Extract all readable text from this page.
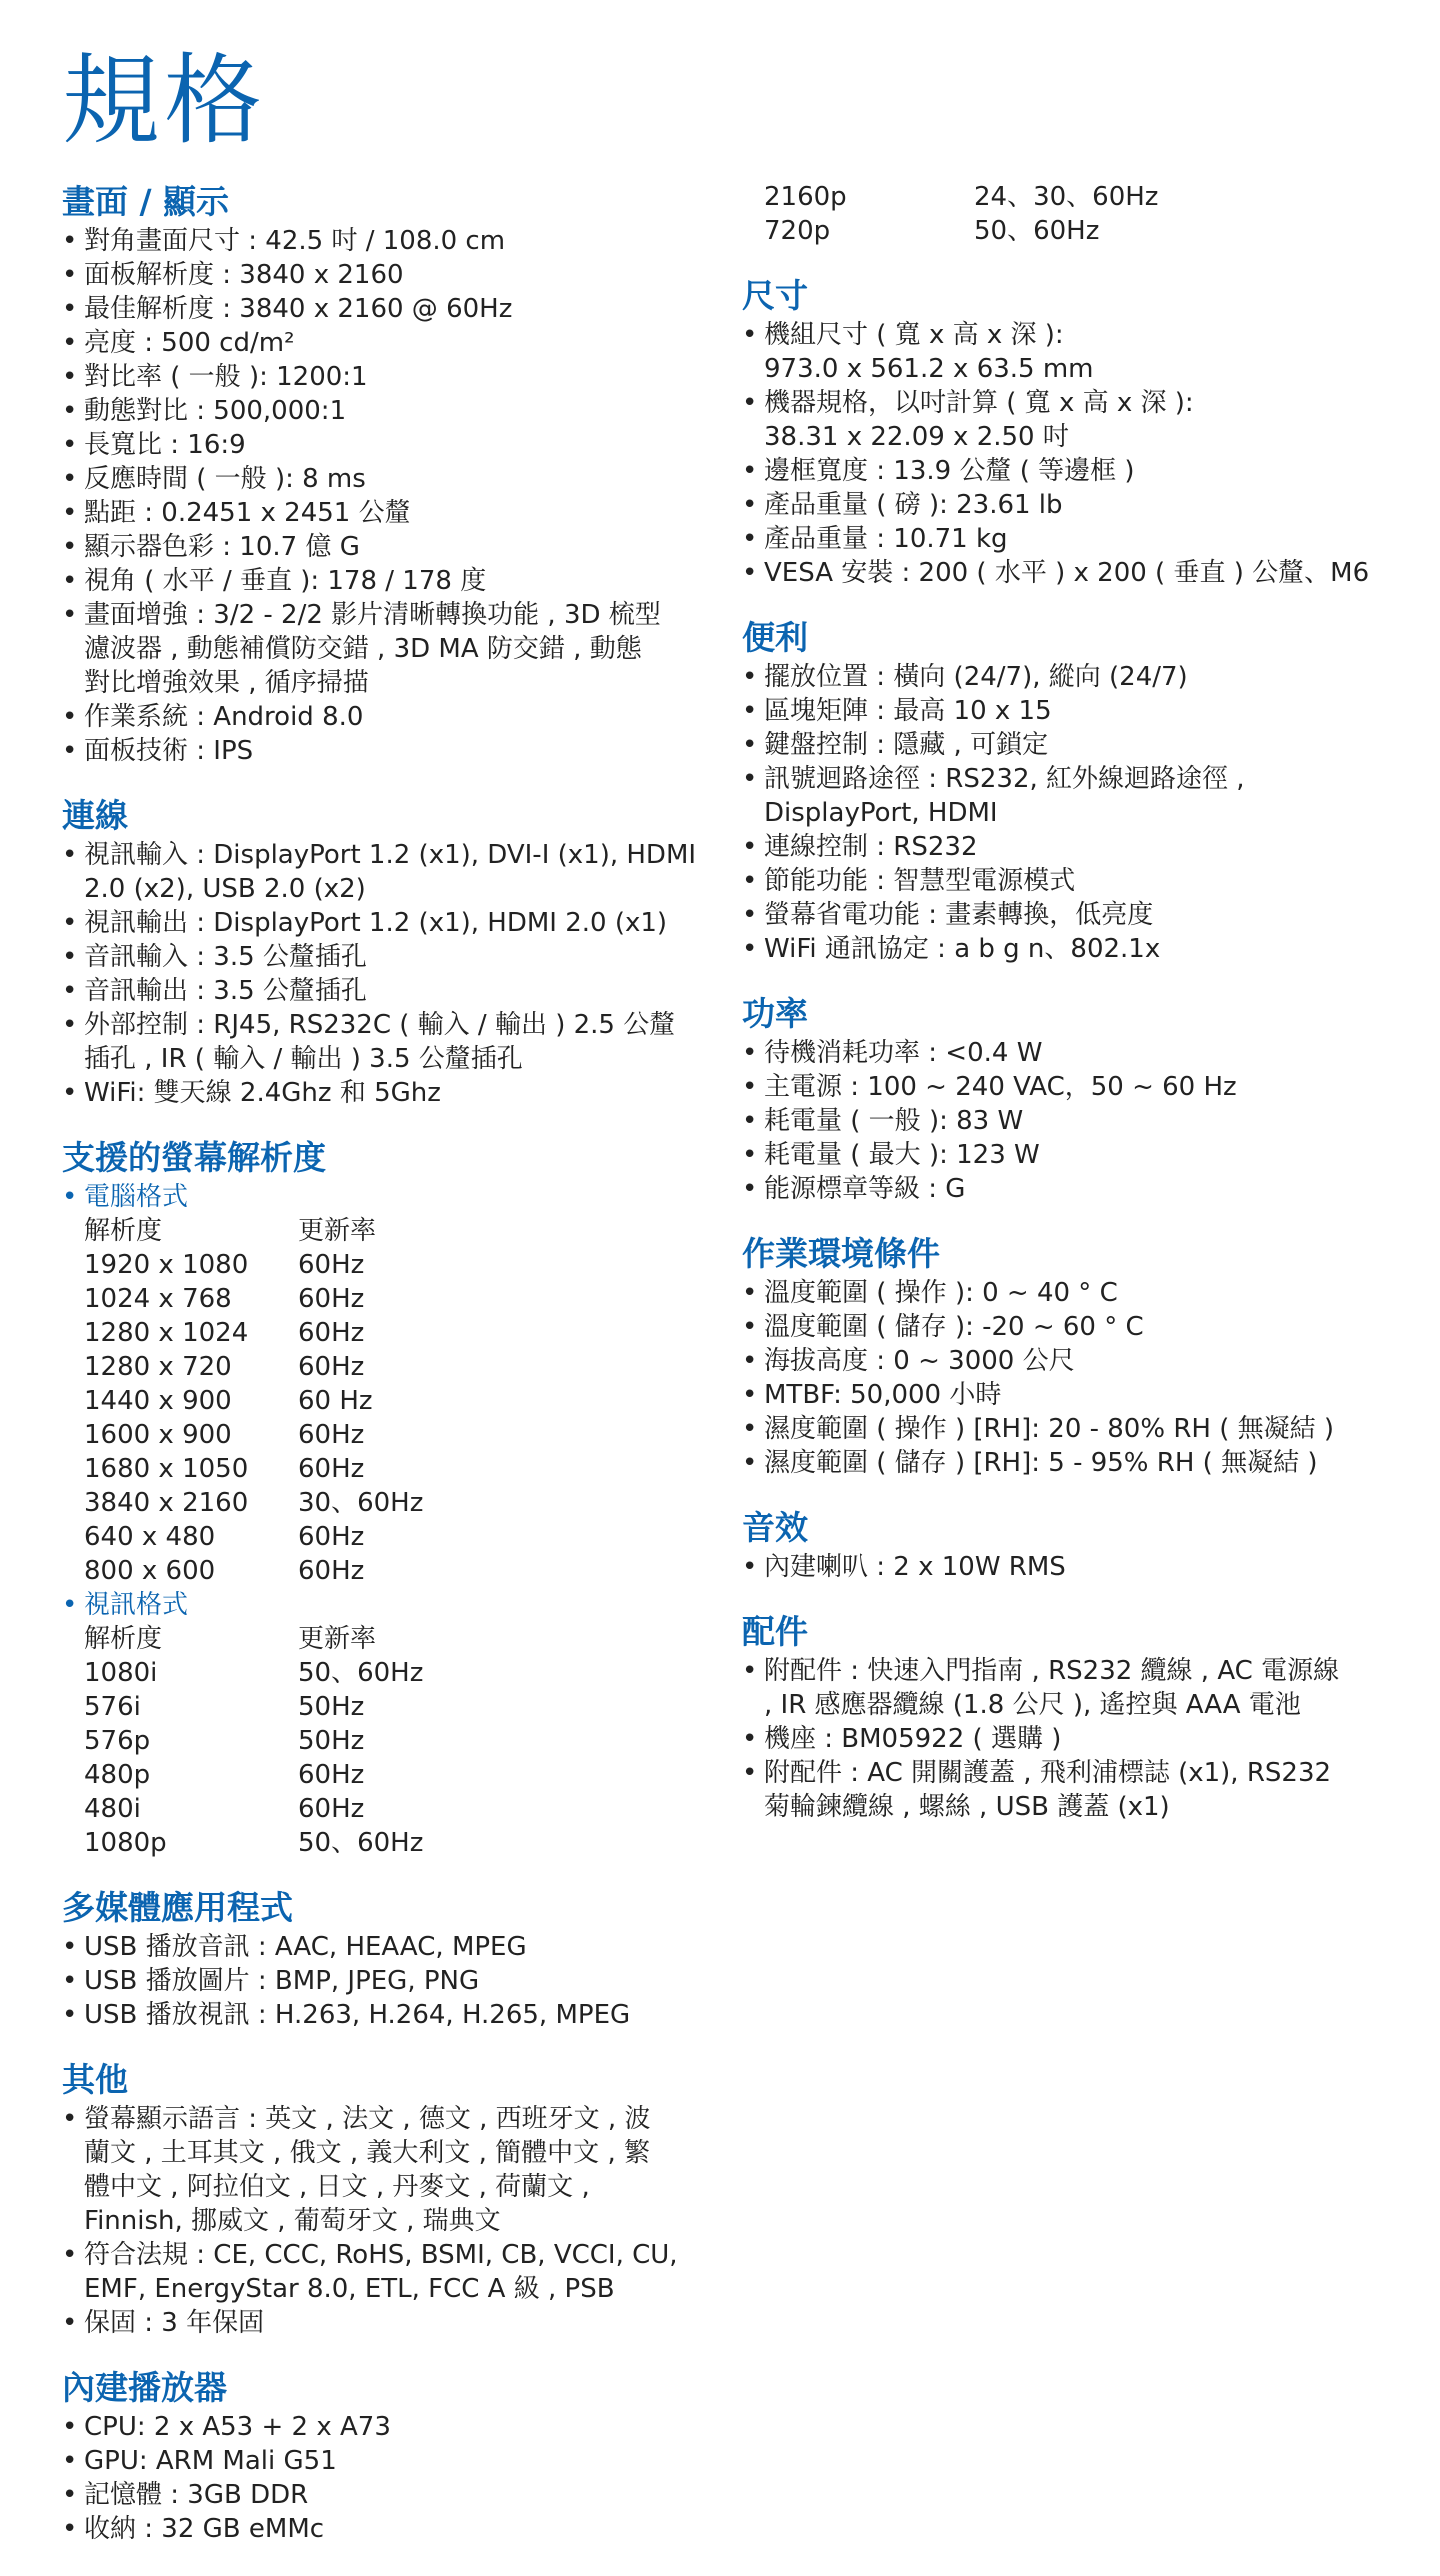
規格
畫面 / 顯示
• 對角畫面尺寸 : 42.5 吋 / 108.0 cm
• 面板解析度 : 3840 x 2160
• 最佳解析度 : 3840 x 2160 @ 60Hz
• 亮度 : 500 cd/m²
• 對比率 ( 一般 ): 1200:1
• 動態對比 : 500,000:1
• 長寬比 : 16:9
• 反應時間 ( 一般 ): 8 ms
• 點距 : 0.2451 x 2451 公釐
• 顯示器色彩 : 10.7 億 G
• 視角 ( 水平 / 垂直 ): 178 / 178 度
• 畫面增強 : 3/2 - 2/2 影片清晰轉換功能 , 3D 梳型
濾波器 , 動態補償防交錯 , 3D MA 防交錯 , 動態
對比增強效果 , 循序掃描
• 作業系統 : Android 8.0
• 面板技術 : IPS
連線
• 視訊輸入 : DisplayPort 1.2 (x1), DVI-I (x1), HDMI
2.0 (x2), USB 2.0 (x2)
• 視訊輸出 : DisplayPort 1.2 (x1), HDMI 2.0 (x1)
• 音訊輸入 : 3.5 公釐插孔
• 音訊輸出 : 3.5 公釐插孔
• 外部控制 : RJ45, RS232C ( 輸入 / 輸出 ) 2.5 公釐
插孔 , IR ( 輸入 / 輸出 ) 3.5 公釐插孔
• WiFi: 雙天線 2.4Ghz 和 5Ghz
支援的螢幕解析度
• 電腦格式
解析度	更新率
1920 x 1080	60Hz
1024 x 768	60Hz
1280 x 1024	60Hz
1280 x 720	60Hz
1440 x 900	60 Hz
1600 x 900	60Hz
1680 x 1050	60Hz
3840 x 2160	30、60Hz
640 x 480	60Hz
800 x 600	60Hz
• 視訊格式
解析度	更新率
1080i	50、60Hz
576i	50Hz
576p	50Hz
480p	60Hz
480i	60Hz
1080p	50、60Hz
多媒體應用程式
• USB 播放音訊 : AAC, HEAAC, MPEG
• USB 播放圖片 : BMP, JPEG, PNG
• USB 播放視訊 : H.263, H.264, H.265, MPEG
其他
• 螢幕顯示語言 : 英文 , 法文 , 德文 , 西班牙文 , 波
蘭文 , 土耳其文 , 俄文 , 義大利文 , 簡體中文 , 繁
體中文 , 阿拉伯文 , 日文 , 丹麥文 , 荷蘭文 ,
Finnish, 挪威文 , 葡萄牙文 , 瑞典文
• 符合法規 : CE, CCC, RoHS, BSMI, CB, VCCI, CU,
EMF, EnergyStar 8.0, ETL, FCC A 級 , PSB
• 保固 : 3 年保固
內建播放器
• CPU: 2 x A53 + 2 x A73
• GPU: ARM Mali G51
• 記憶體 : 3GB DDR
• 收納 : 32 GB eMMc
2160p	24、30、60Hz
720p	50、60Hz
尺寸
• 機組尺寸 ( 寬 x 高 x 深 ):
973.0 x 561.2 x 63.5 mm
• 機器規格，以吋計算 ( 寬 x 高 x 深 ):
38.31 x 22.09 x 2.50 吋
• 邊框寬度 : 13.9 公釐 ( 等邊框 )
• 產品重量 ( 磅 ): 23.61 lb
• 產品重量 : 10.71 kg
• VESA 安裝 : 200 ( 水平 ) x 200 ( 垂直 ) 公釐、M6
便利
• 擺放位置 : 橫向 (24/7), 縱向 (24/7)
• 區塊矩陣 : 最高 10 x 15
• 鍵盤控制 : 隱藏 , 可鎖定
• 訊號迴路途徑 : RS232, 紅外線迴路途徑 ,
DisplayPort, HDMI
• 連線控制 : RS232
• 節能功能 : 智慧型電源模式
• 螢幕省電功能 : 畫素轉換，低亮度
• WiFi 通訊協定 : a b g n、802.1x
功率
• 待機消耗功率 : <0.4 W
• 主電源 : 100 ~ 240 VAC，50 ~ 60 Hz
• 耗電量 ( 一般 ): 83 W
• 耗電量 ( 最大 ): 123 W
• 能源標章等級 : G
作業環境條件
• 溫度範圍 ( 操作 ): 0 ~ 40 ° C
• 溫度範圍 ( 儲存 ): -20 ~ 60 ° C
• 海拔高度 : 0 ~ 3000 公尺
• MTBF: 50,000 小時
• 濕度範圍 ( 操作 ) [RH]: 20 - 80% RH ( 無凝結 )
• 濕度範圍 ( 儲存 ) [RH]: 5 - 95% RH ( 無凝結 )
音效
• 內建喇叭 : 2 x 10W RMS
配件
• 附配件 : 快速入門指南 , RS232 纜線 , AC 電源線
, IR 感應器纜線 (1.8 公尺 ), 遙控與 AAA 電池
• 機座 : BM05922 ( 選購 )
• 附配件 : AC 開關護蓋 , 飛利浦標誌 (x1), RS232
菊輪鍊纜線 , 螺絲 , USB 護蓋 (x1)
